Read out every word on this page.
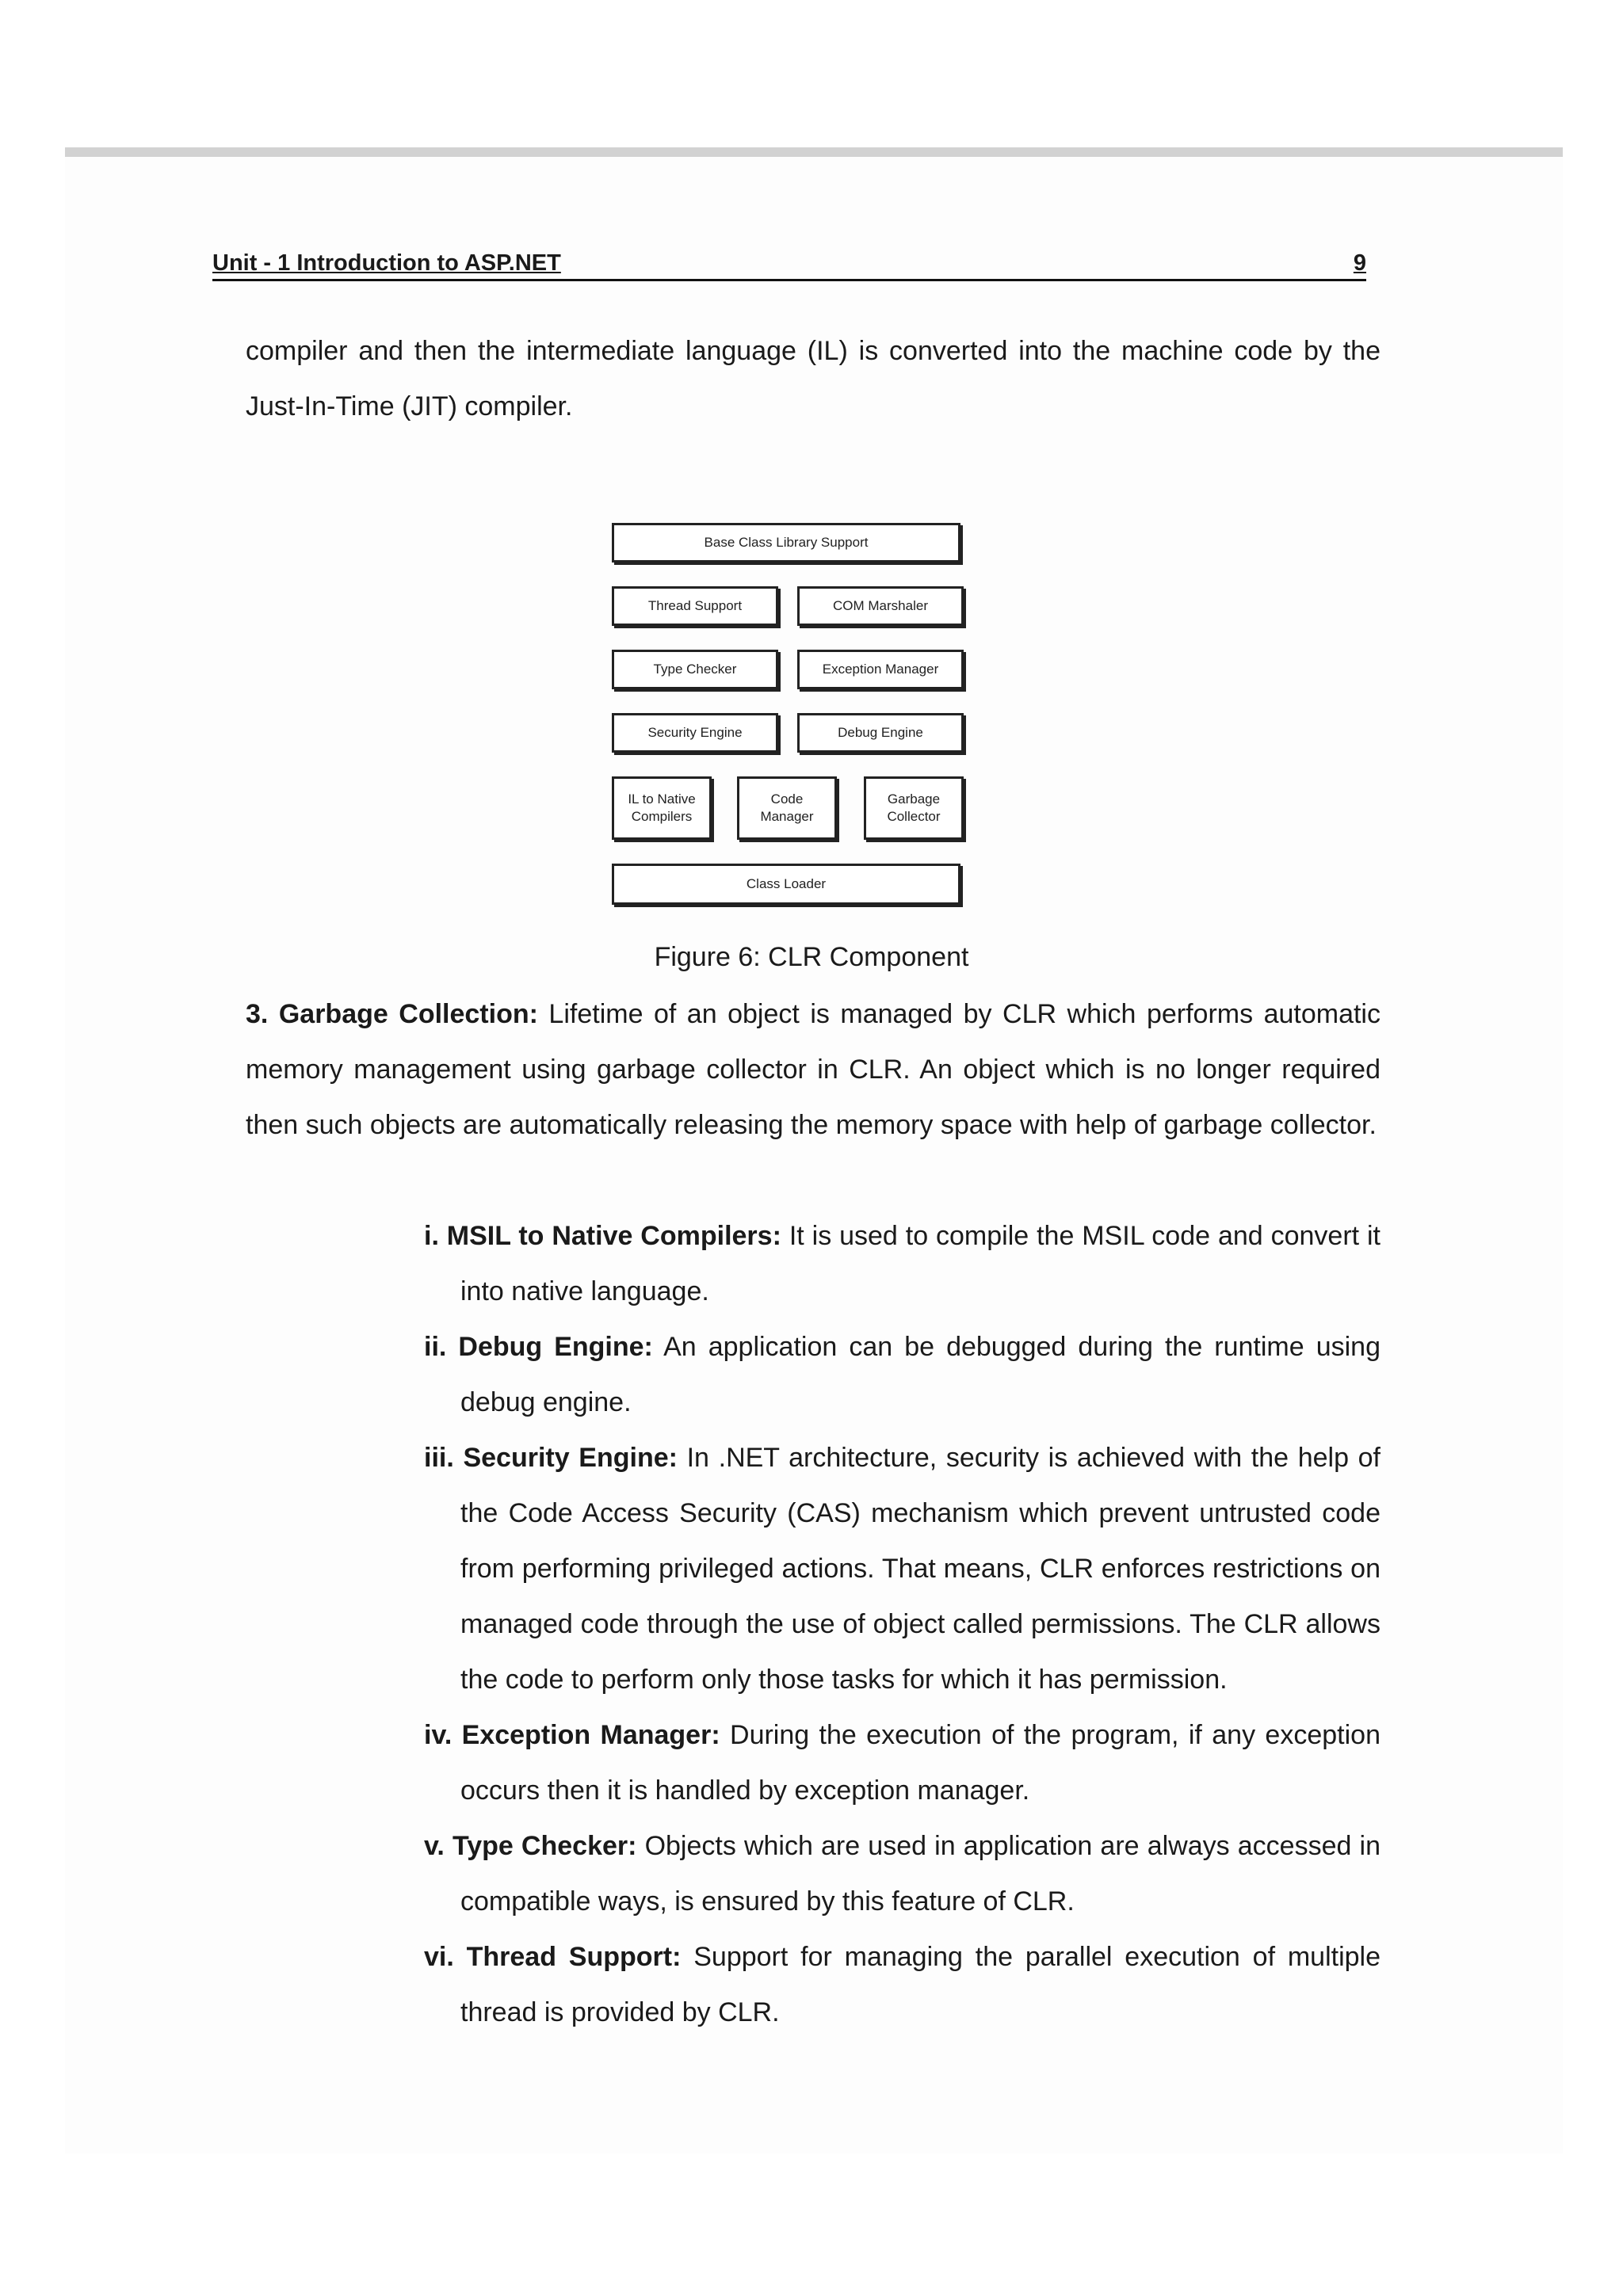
Unit - 1 Introduction to ASP.NET	9

compiler and then the intermediate language (IL) is converted into the machine code by the Just-In-Time (JIT) compiler.

Base Class Library Support
Thread Support	COM Marshaler
Type Checker	Exception Manager
Security Engine	Debug Engine
IL to Native
Compilers
Code
Manager
Garbage
Collector
Class Loader
Figure 6: CLR Component

3. Garbage Collection: Lifetime of an object is managed by CLR which performs automatic memory management using garbage collector in CLR. An object which is no longer required then such objects are automatically releasing the memory space with help of garbage collector.

i. MSIL to Native Compilers: It is used to compile the MSIL code and convert it into native language.
ii. Debug Engine: An application can be debugged during the runtime using debug engine.
iii. Security Engine: In .NET architecture, security is achieved with the help of the Code Access Security (CAS) mechanism which prevent untrusted code from performing privileged actions. That means, CLR enforces restrictions on managed code through the use of object called permissions. The CLR allows the code to perform only those tasks for which it has permission.
iv. Exception Manager: During the execution of the program, if any exception occurs then it is handled by exception manager.
v. Type Checker: Objects which are used in application are always accessed in compatible ways, is ensured by this feature of CLR.
vi. Thread Support: Support for managing the parallel execution of multiple thread is provided by CLR.
